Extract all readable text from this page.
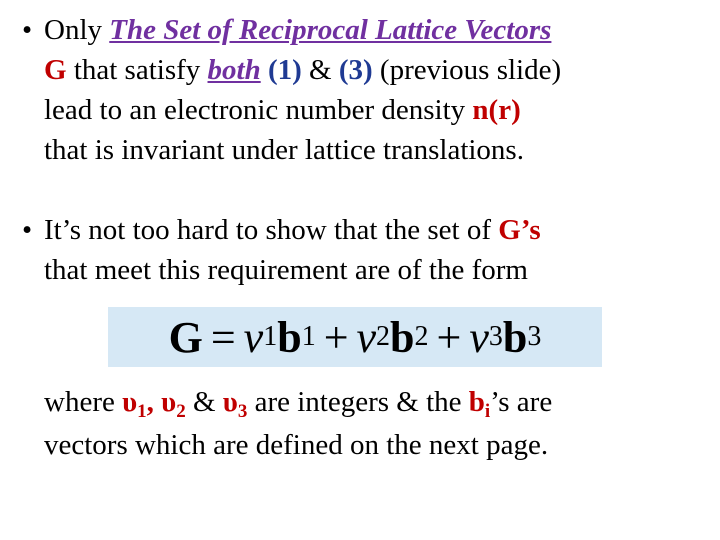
• Only The Set of Reciprocal Lattice Vectors
G that satisfy both (1) & (3) (previous slide)
lead to an electronic number density n(r)
that is invariant under lattice translations.
• It’s not too hard to show that the set of G’s
that meet this requirement are of the form
G = v 1 b 1 + v 2 b 2 + v 3 b 3
where $\upsilon_1$, $\upsilon_2$ & $\upsilon_3$ are integers & the $b_i’s$ are
vectors which are defined on the next page.
